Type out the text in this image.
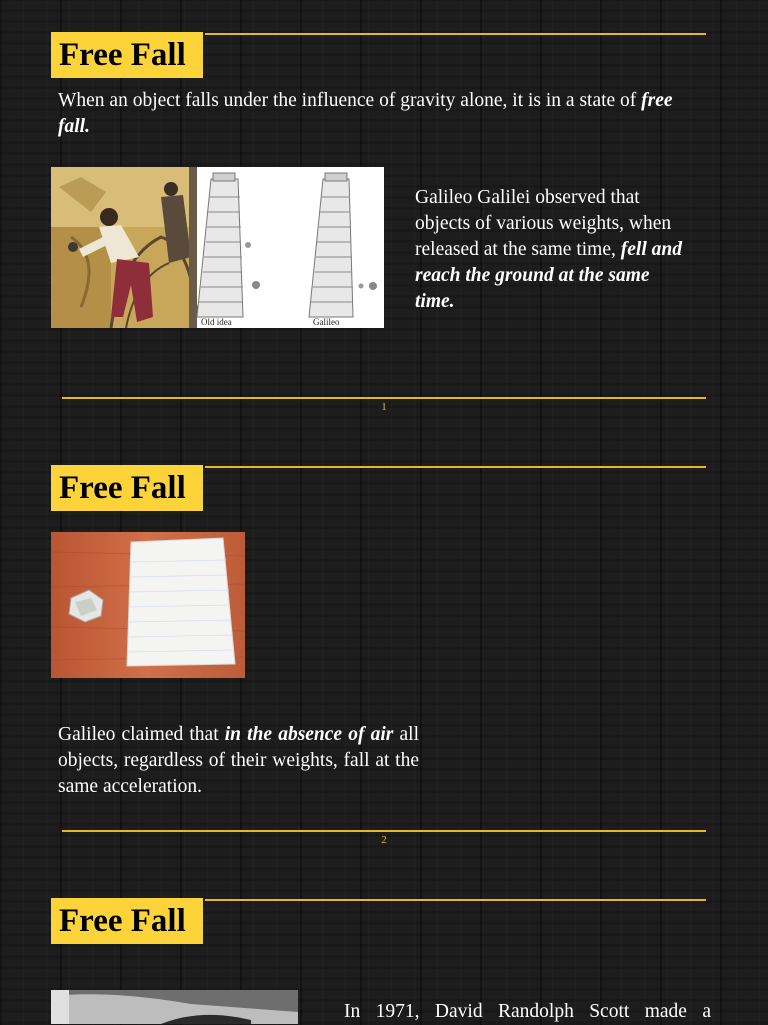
Free Fall
When an object falls under the influence of gravity alone, it is in a state of free fall.
Old idea	Galileo
Galileo Galilei observed that objects of various weights, when released at the same time, fell and reach the ground at the same time.
1
Free Fall
Galileo claimed that in the absence of air all objects, regardless of their weights, fall at the same acceleration.
2
Free Fall
In 1971, David Randolph Scott made a
